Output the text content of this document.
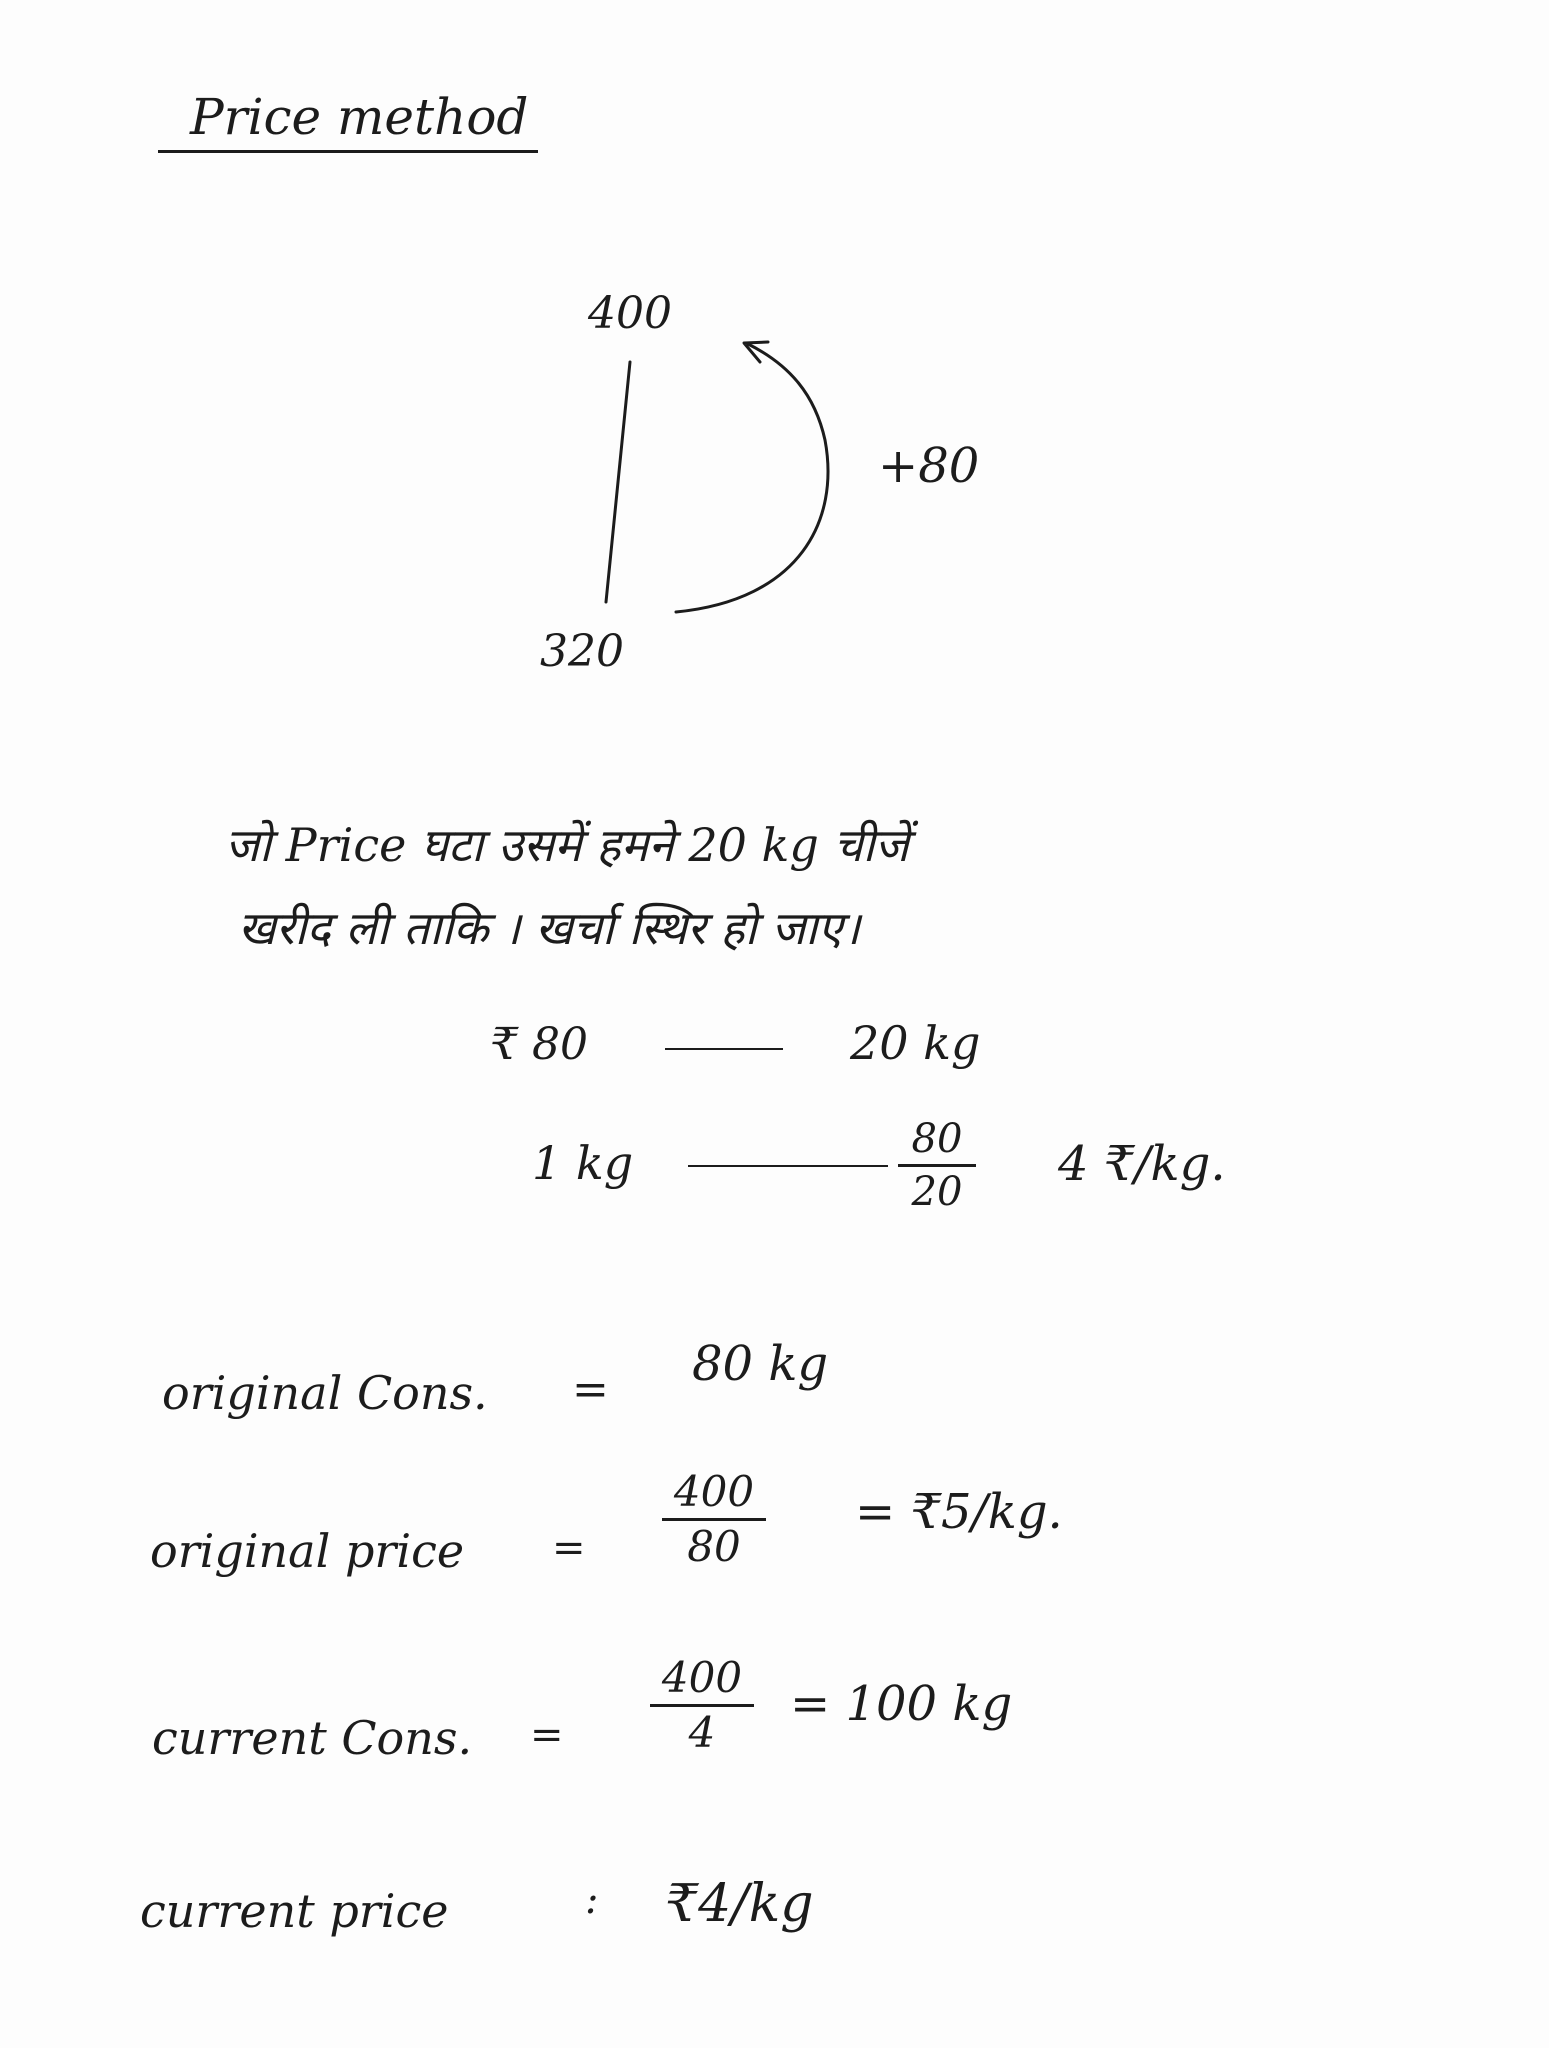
Price method
400
320
+80
जो Price घटा उसमें हमने 20 kg चीजें
खरीद ली ताकि । खर्चा स्थिर हो जाए।
₹ 80	20 kg
1 kg	80
20 4 ₹/kg.
original Cons. = 80 kg
original price =
400
80
= ₹5/kg.
current Cons. =
400
4
= 100 kg
current price	: ₹4/kg
